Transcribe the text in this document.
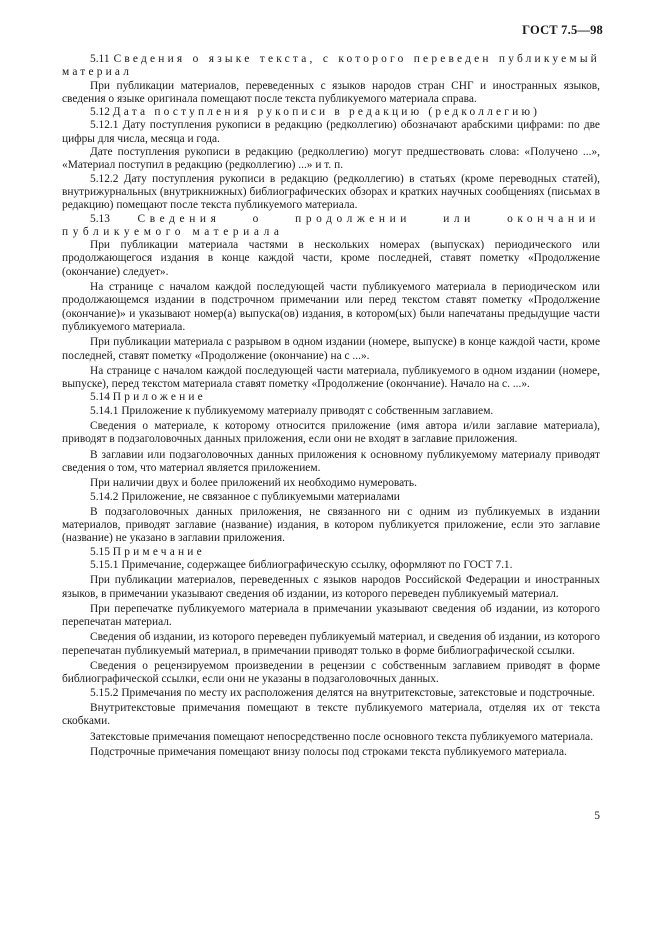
ГОСТ 7.5—98

5.11 Сведения о языке текста, с которого переведен публикуемый материал

При публикации материалов, переведенных с языков народов стран СНГ и иностранных языков, сведения о языке оригинала помещают после текста публикуемого материала справа.

5.12 Дата поступления рукописи в редакцию (редколлегию)

5.12.1 Дату поступления рукописи в редакцию (редколлегию) обозначают арабскими цифрами: по две цифры для числа, месяца и года.

Дате поступления рукописи в редакцию (редколлегию) могут предшествовать слова: «Получено ...», «Материал поступил в редакцию (редколлегию) ...» и т. п.

5.12.2 Дату поступления рукописи в редакцию (редколлегию) в статьях (кроме переводных статей), внутрижурнальных (внутрикнижных) библиографических обзорах и кратких научных сообщениях (письмах в редакцию) помещают после текста публикуемого материала.

5.13 Сведения о продолжении или окончании публикуемого материала

При публикации материала частями в нескольких номерах (выпусках) периодического или продолжающегося издания в конце каждой части, кроме последней, ставят пометку «Продолжение (окончание) следует».

На странице с началом каждой последующей части публикуемого материала в периодическом или продолжающемся издании в подстрочном примечании или перед текстом ставят пометку «Продолжение (окончание)» и указывают номер(а) выпуска(ов) издания, в котором(ых) были напечатаны предыдущие части публикуемого материала.

При публикации материала с разрывом в одном издании (номере, выпуске) в конце каждой части, кроме последней, ставят пометку «Продолжение (окончание) на с ...».

На странице с началом каждой последующей части материала, публикуемого в одном издании (номере, выпуске), перед текстом материала ставят пометку «Продолжение (окончание). Начало на с. ...».

5.14 Приложение

5.14.1 Приложение к публикуемому материалу приводят с собственным заглавием.

Сведения о материале, к которому относится приложение (имя автора и/или заглавие материала), приводят в подзаголовочных данных приложения, если они не входят в заглавие приложения.

В заглавии или подзаголовочных данных приложения к основному публикуемому материалу приводят сведения о том, что материал является приложением.

При наличии двух и более приложений их необходимо нумеровать.

5.14.2 Приложение, не связанное с публикуемыми материалами

В подзаголовочных данных приложения, не связанного ни с одним из публикуемых в издании материалов, приводят заглавие (название) издания, в котором публикуется приложение, если это заглавие (название) не указано в заглавии приложения.

5.15 Примечание

5.15.1 Примечание, содержащее библиографическую ссылку, оформляют по ГОСТ 7.1.

При публикации материалов, переведенных с языков народов Российской Федерации и иностранных языков, в примечании указывают сведения об издании, из которого переведен публикуемый материал.

При перепечатке публикуемого материала в примечании указывают сведения об издании, из которого перепечатан материал.

Сведения об издании, из которого переведен публикуемый материал, и сведения об издании, из которого перепечатан публикуемый материал, в примечании приводят только в форме библиографической ссылки.

Сведения о рецензируемом произведении в рецензии с собственным заглавием приводят в форме библиографической ссылки, если они не указаны в подзаголовочных данных.

5.15.2 Примечания по месту их расположения делятся на внутритекстовые, затекстовые и подстрочные.

Внутритекстовые примечания помещают в тексте публикуемого материала, отделяя их от текста скобками.

Затекстовые примечания помещают непосредственно после основного текста публикуемого материала.

Подстрочные примечания помещают внизу полосы под строками текста публикуемого материала.

5
